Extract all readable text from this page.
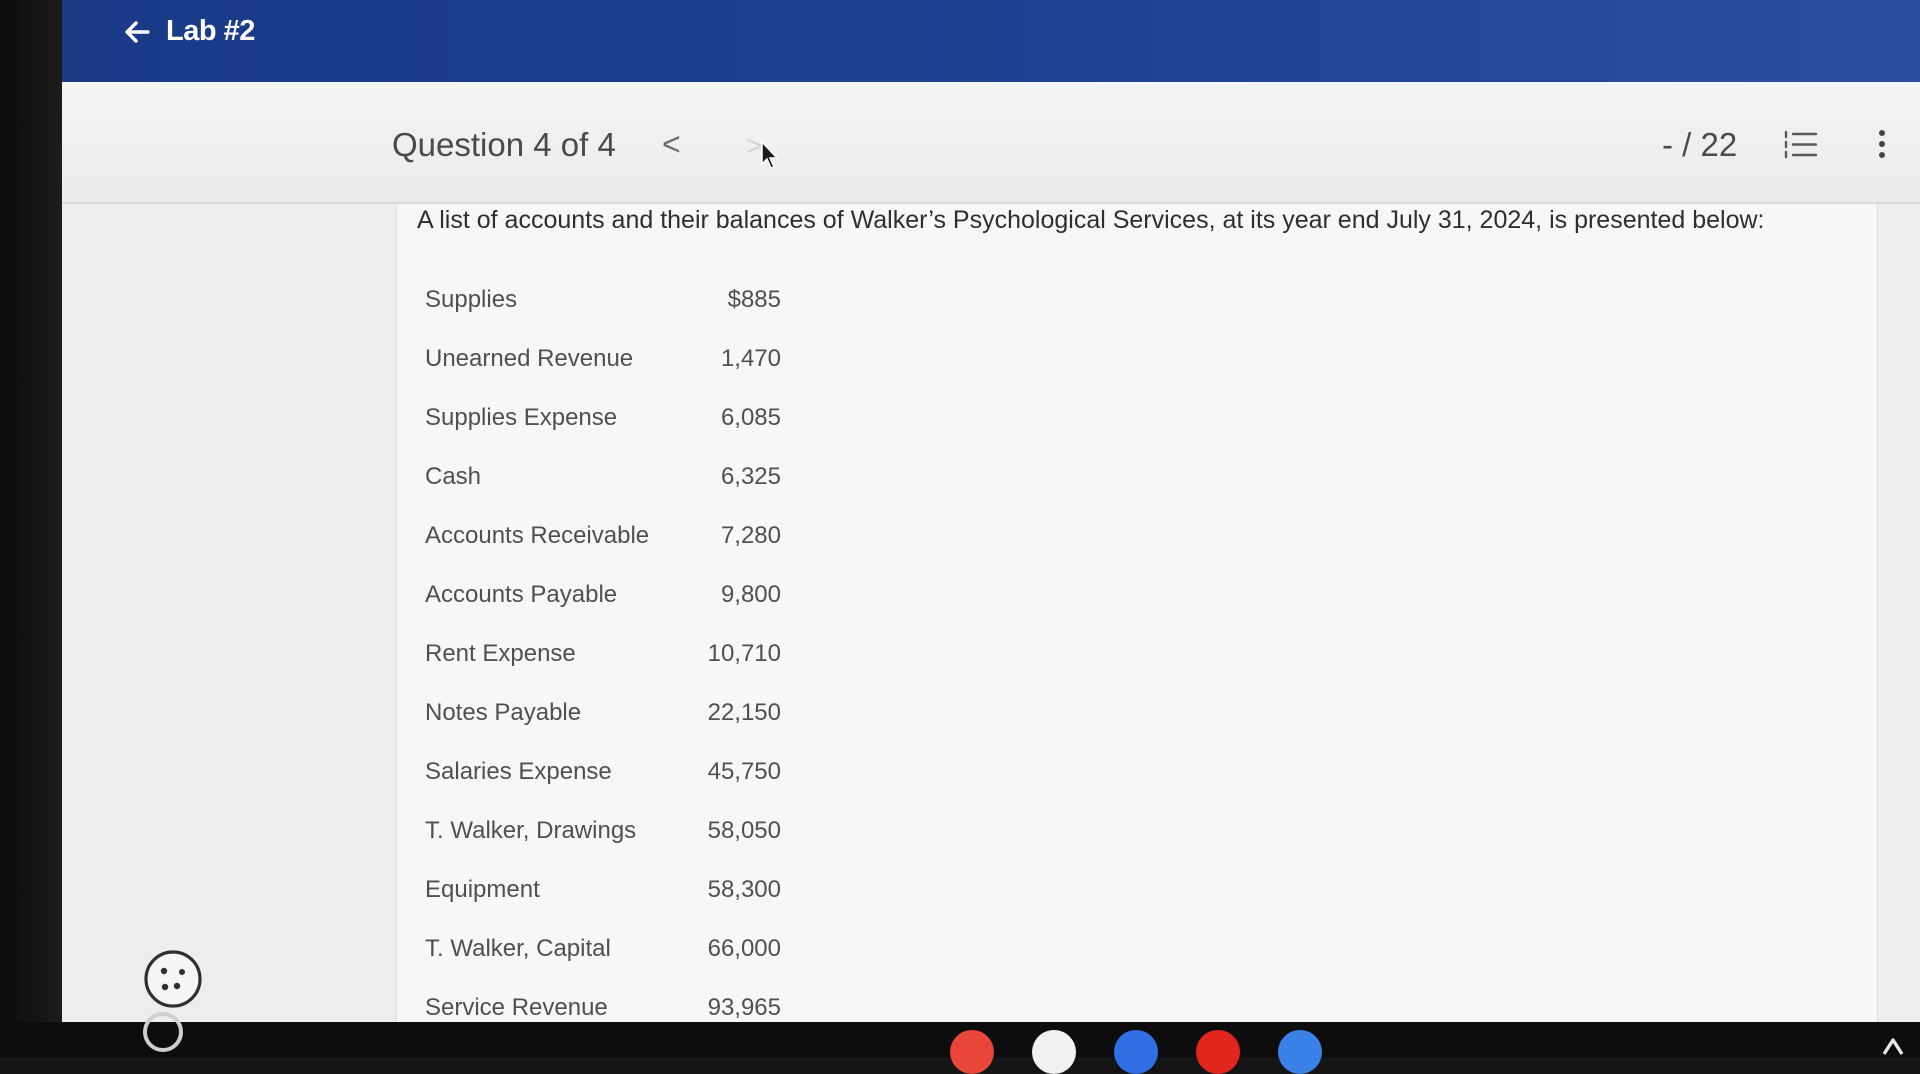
Lab #2
Question 4 of 4 < >	- / 22
A list of accounts and their balances of Walker’s Psychological Services, at its year end July 31, 2024, is presented below:
Supplies	$885
Unearned Revenue	1,470
Supplies Expense	6,085
Cash	6,325
Accounts Receivable	7,280
Accounts Payable	9,800
Rent Expense	10,710
Notes Payable	22,150
Salaries Expense	45,750
T. Walker, Drawings	58,050
Equipment	58,300
T. Walker, Capital	66,000
Service Revenue	93,965
